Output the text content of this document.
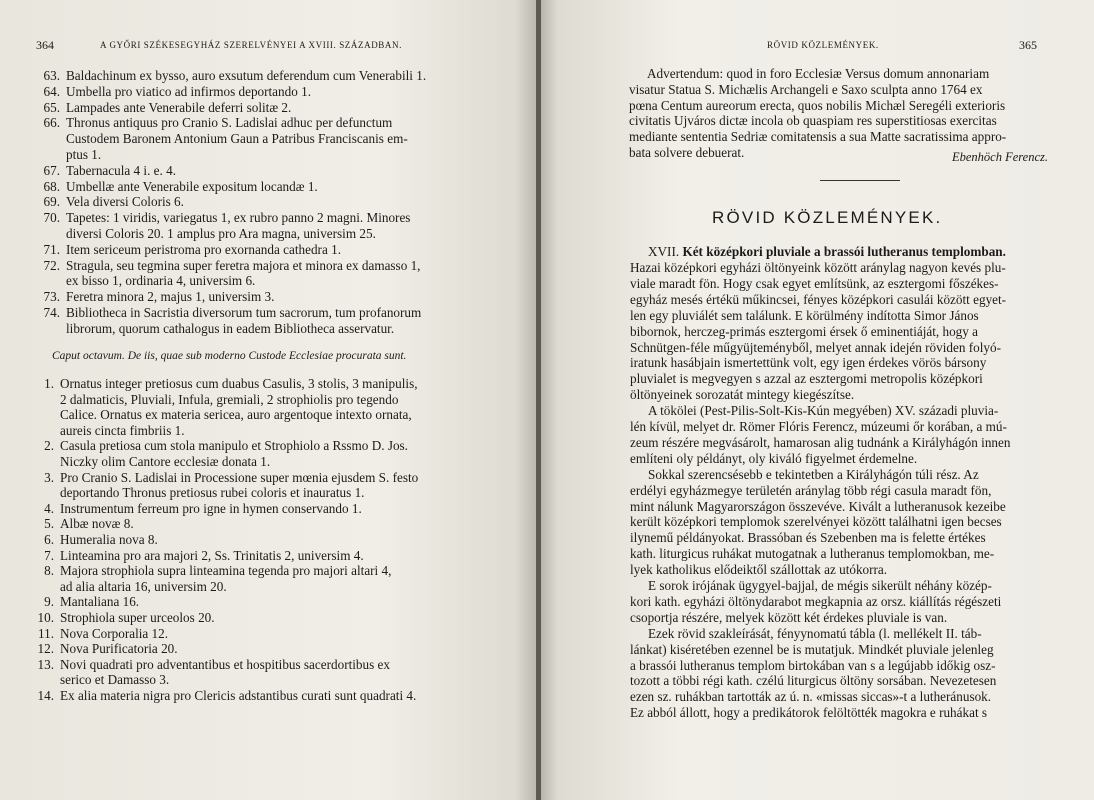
364	A GYŐRI SZÉKESEGYHÁZ SZERELVÉNYEI A XVIII. SZÁZADBAN.
63. Baldachinum ex bysso, auro exsutum deferendum cum Venerabili 1.
64. Umbella pro viatico ad infirmos deportando 1.
65. Lampades ante Venerabile deferri solitæ 2.
66. Thronus antiquus pro Cranio S. Ladislai adhuc per defunctum
Custodem Baronem Antonium Gaun a Patribus Franciscanis em-
ptus 1.
67. Tabernacula 4 i. e. 4.
68. Umbellæ ante Venerabile expositum locandæ 1.
69. Vela diversi Coloris 6.
70. Tapetes: 1 viridis, variegatus 1, ex rubro panno 2 magni. Minores
diversi Coloris 20. 1 amplus pro Ara magna, universim 25.
71. Item sericeum peristroma pro exornanda cathedra 1.
72. Stragula, seu tegmina super feretra majora et minora ex damasso 1,
ex bisso 1, ordinaria 4, universim 6.
73. Feretra minora 2, majus 1, universim 3.
74. Bibliotheca in Sacristia diversorum tum sacrorum, tum profanorum
librorum, quorum cathalogus in eadem Bibliotheca asservatur.
Caput octavum. De iis, quae sub moderno Custode Ecclesiae procurata sunt.
1. Ornatus integer pretiosus cum duabus Casulis, 3 stolis, 3 manipulis,
2 dalmaticis, Pluviali, Infula, gremiali, 2 strophiolis pro tegendo
Calice. Ornatus ex materia sericea, auro argentoque intexto ornata,
aureis cincta fimbriis 1.
2. Casula pretiosa cum stola manipulo et Strophiolo a Rssmo D. Jos.
Niczky olim Cantore ecclesiæ donata 1.
3. Pro Cranio S. Ladislai in Processione super mœnia ejusdem S. festo
deportando Thronus pretiosus rubei coloris et inauratus 1.
4. Instrumentum ferreum pro igne in hymen conservando 1.
5. Albæ novæ 8.
6. Humeralia nova 8.
7. Linteamina pro ara majori 2, Ss. Trinitatis 2, universim 4.
8. Majora strophiola supra linteamina tegenda pro majori altari 4,
ad alia altaria 16, universim 20.
9. Mantaliana 16.
10. Strophiola super urceolos 20.
11. Nova Corporalia 12.
12. Nova Purificatoria 20.
13. Novi quadrati pro adventantibus et hospitibus sacerdortibus ex
serico et Damasso 3.
14. Ex alia materia nigra pro Clericis adstantibus curati sunt quadrati 4.
RÖVID KÖZLEMÉNYEK.	365
Advertendum: quod in foro Ecclesiæ Versus domum annonariam
visatur Statua S. Michælis Archangeli e Saxo sculpta anno 1764 ex
pœna Centum aureorum erecta, quos nobilis Michæl Seregéli exterioris
civitatis Ujváros dictæ incola ob quaspiam res superstitiosas exercitas
mediante sententia Sedriæ comitatensis a sua Matte sacratissima appro-
bata solvere debuerat.	Ebenhöch Ferencz.
RÖVID KÖZLEMÉNYEK.
XVII. Két középkori pluviale a brassói lutheranus templomban.
Hazai középkori egyházi öltönyeink között aránylag nagyon kevés plu-
viale maradt fön. Hogy csak egyet említsünk, az esztergomi főszékes-
egyház mesés értékü műkincsei, fényes középkori casulái között egyet-
len egy pluviálét sem találunk. E körülmény indította Simor János
bibornok, herczeg-primás esztergomi érsek ő eminentiáját, hogy a
Schnütgen-féle műgyüjteményből, melyet annak idején röviden folyó-
iratunk hasábjain ismertettünk volt, egy igen érdekes vörös bársony
pluvialet is megvegyen s azzal az esztergomi metropolis középkori
öltönyeinek sorozatát mintegy kiegészítse.
A tökölei (Pest-Pilis-Solt-Kis-Kún megyében) XV. századi pluvia-
lén kívül, melyet dr. Römer Flóris Ferencz, múzeumi őr korában, a mú-
zeum részére megvásárolt, hamarosan alig tudnánk a Királyhágón innen
említeni oly példányt, oly kiváló figyelmet érdemelne.
Sokkal szerencsésebb e tekintetben a Királyhágón túli rész. Az
erdélyi egyházmegye területén aránylag több régi casula maradt fön,
mint nálunk Magyarországon összevéve. Kivált a lutheranusok kezeibe
került középkori templomok szerelvényei között találhatni igen becses
ilynemű példányokat. Brassóban és Szebenben ma is felette értékes
kath. liturgicus ruhákat mutogatnak a lutheranus templomokban, me-
lyek katholikus elődeiktől szállottak az utókorra.
E sorok irójának ügygyel-bajjal, de mégis sikerült néhány közép-
kori kath. egyházi öltönydarabot megkapnia az orsz. kiállítás régészeti
csoportja részére, melyek között két érdekes pluviale is van.
Ezek rövid szakleírását, fényynomatú tábla (l. mellékelt II. táb-
lánkat) kiséretében ezennel be is mutatjuk. Mindkét pluviale jelenleg
a brassói lutheranus templom birtokában van s a legújabb időkig osz-
tozott a többi régi kath. czélú liturgicus öltöny sorsában. Nevezetesen
ezen sz. ruhákban tartották az ú. n. «missas siccas»-t a lutheránusok.
Ez abból állott, hogy a predikátorok felöltötték magokra e ruhákat s
